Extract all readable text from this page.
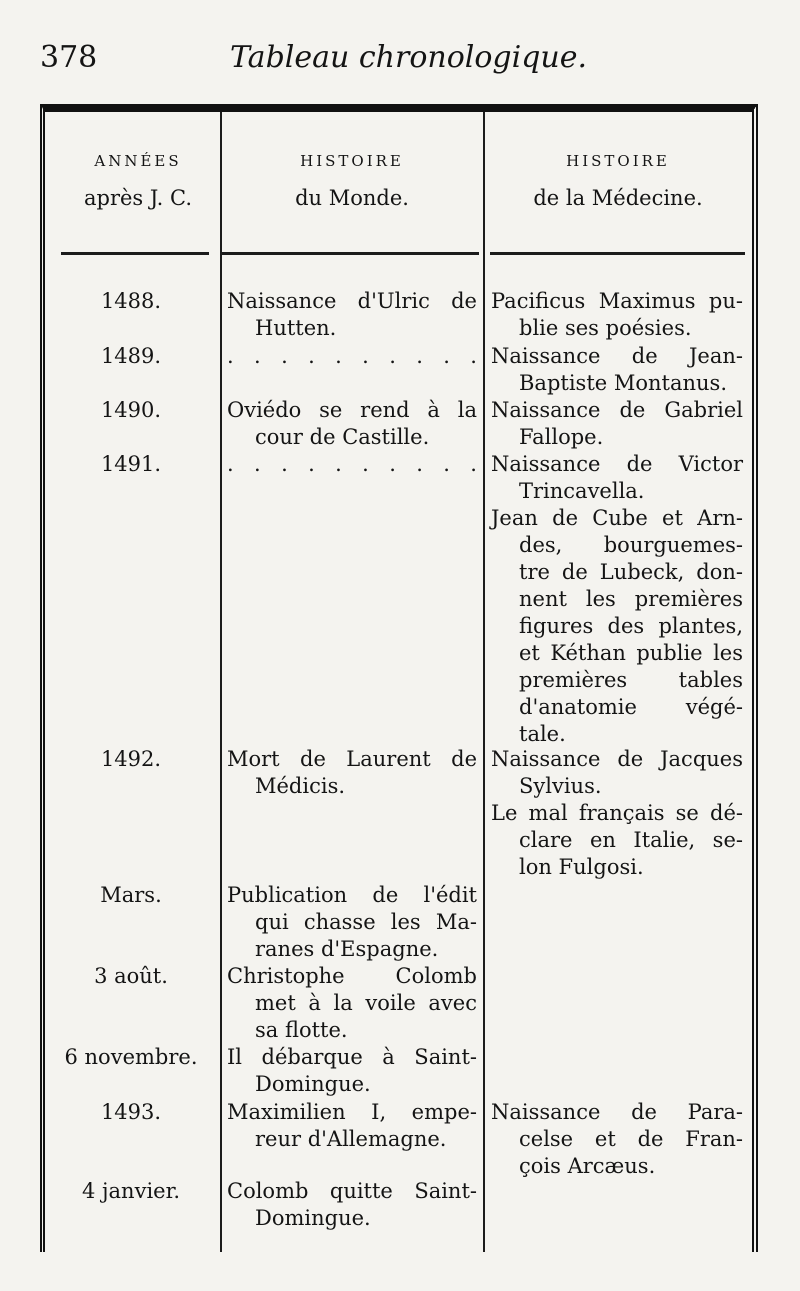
378	Tableau chronologique.
ANNÉES
après J. C.
HISTOIRE
du Monde.
HISTOIRE
de la Médecine.
1488.
1489.
1490.
1491.
1492.
Mars.
3 août.
6 novembre.
1493.
4 janvier.
Naissance d'Ulric de
Hutten.
. . . . . . . . . .
Oviédo se rend à la
cour de Castille.
. . . . . . . . . .
Mort de Laurent de
Médicis.
Publication de l'édit
qui chasse les Ma-
ranes d'Espagne.
Christophe Colomb
met à la voile avec
sa flotte.
Il débarque à Saint-
Domingue.
Maximilien I, empe-
reur d'Allemagne.
Colomb quitte Saint-
Domingue.
Pacificus Maximus pu-
blie ses poésies.
Naissance de Jean-
Baptiste Montanus.
Naissance de Gabriel
Fallope.
Naissance de Victor
Trincavella.
Jean de Cube et Arn-
des, bourguemes-
tre de Lubeck, don-
nent les premières
figures des plantes,
et Kéthan publie les
premières tables
d'anatomie végé-
tale.
Naissance de Jacques
Sylvius.
Le mal français se dé-
clare en Italie, se-
lon Fulgosi.
Naissance de Para-
celse et de Fran-
çois Arcæus.
